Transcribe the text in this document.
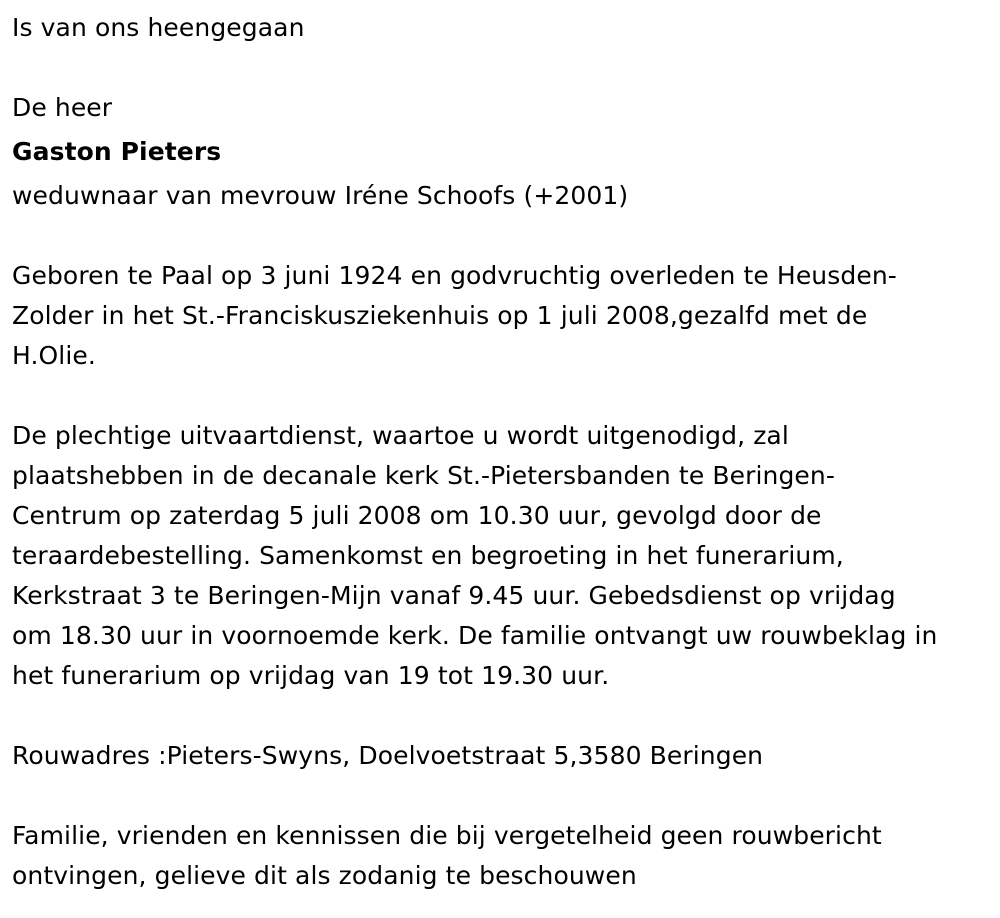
Is van ons heengegaan

De heer

Gaston Pieters

weduwnaar van mevrouw Iréne Schoofs (+2001)

Geboren te Paal op 3 juni 1924 en godvruchtig overleden te Heusden-

Zolder in het St.-Franciskusziekenhuis op 1 juli 2008,gezalfd met de

H.Olie.

De plechtige uitvaartdienst, waartoe u wordt uitgenodigd, zal

plaatshebben in de decanale kerk St.-Pietersbanden te Beringen-

Centrum op zaterdag 5 juli 2008 om 10.30 uur, gevolgd door de

teraardebestelling. Samenkomst en begroeting in het funerarium,

Kerkstraat 3 te Beringen-Mijn vanaf 9.45 uur. Gebedsdienst op vrijdag

om 18.30 uur in voornoemde kerk. De familie ontvangt uw rouwbeklag in

het funerarium op vrijdag van 19 tot 19.30 uur.

Rouwadres :Pieters-Swyns, Doelvoetstraat 5,3580 Beringen

Familie, vrienden en kennissen die bij vergetelheid geen rouwbericht

ontvingen, gelieve dit als zodanig te beschouwen
